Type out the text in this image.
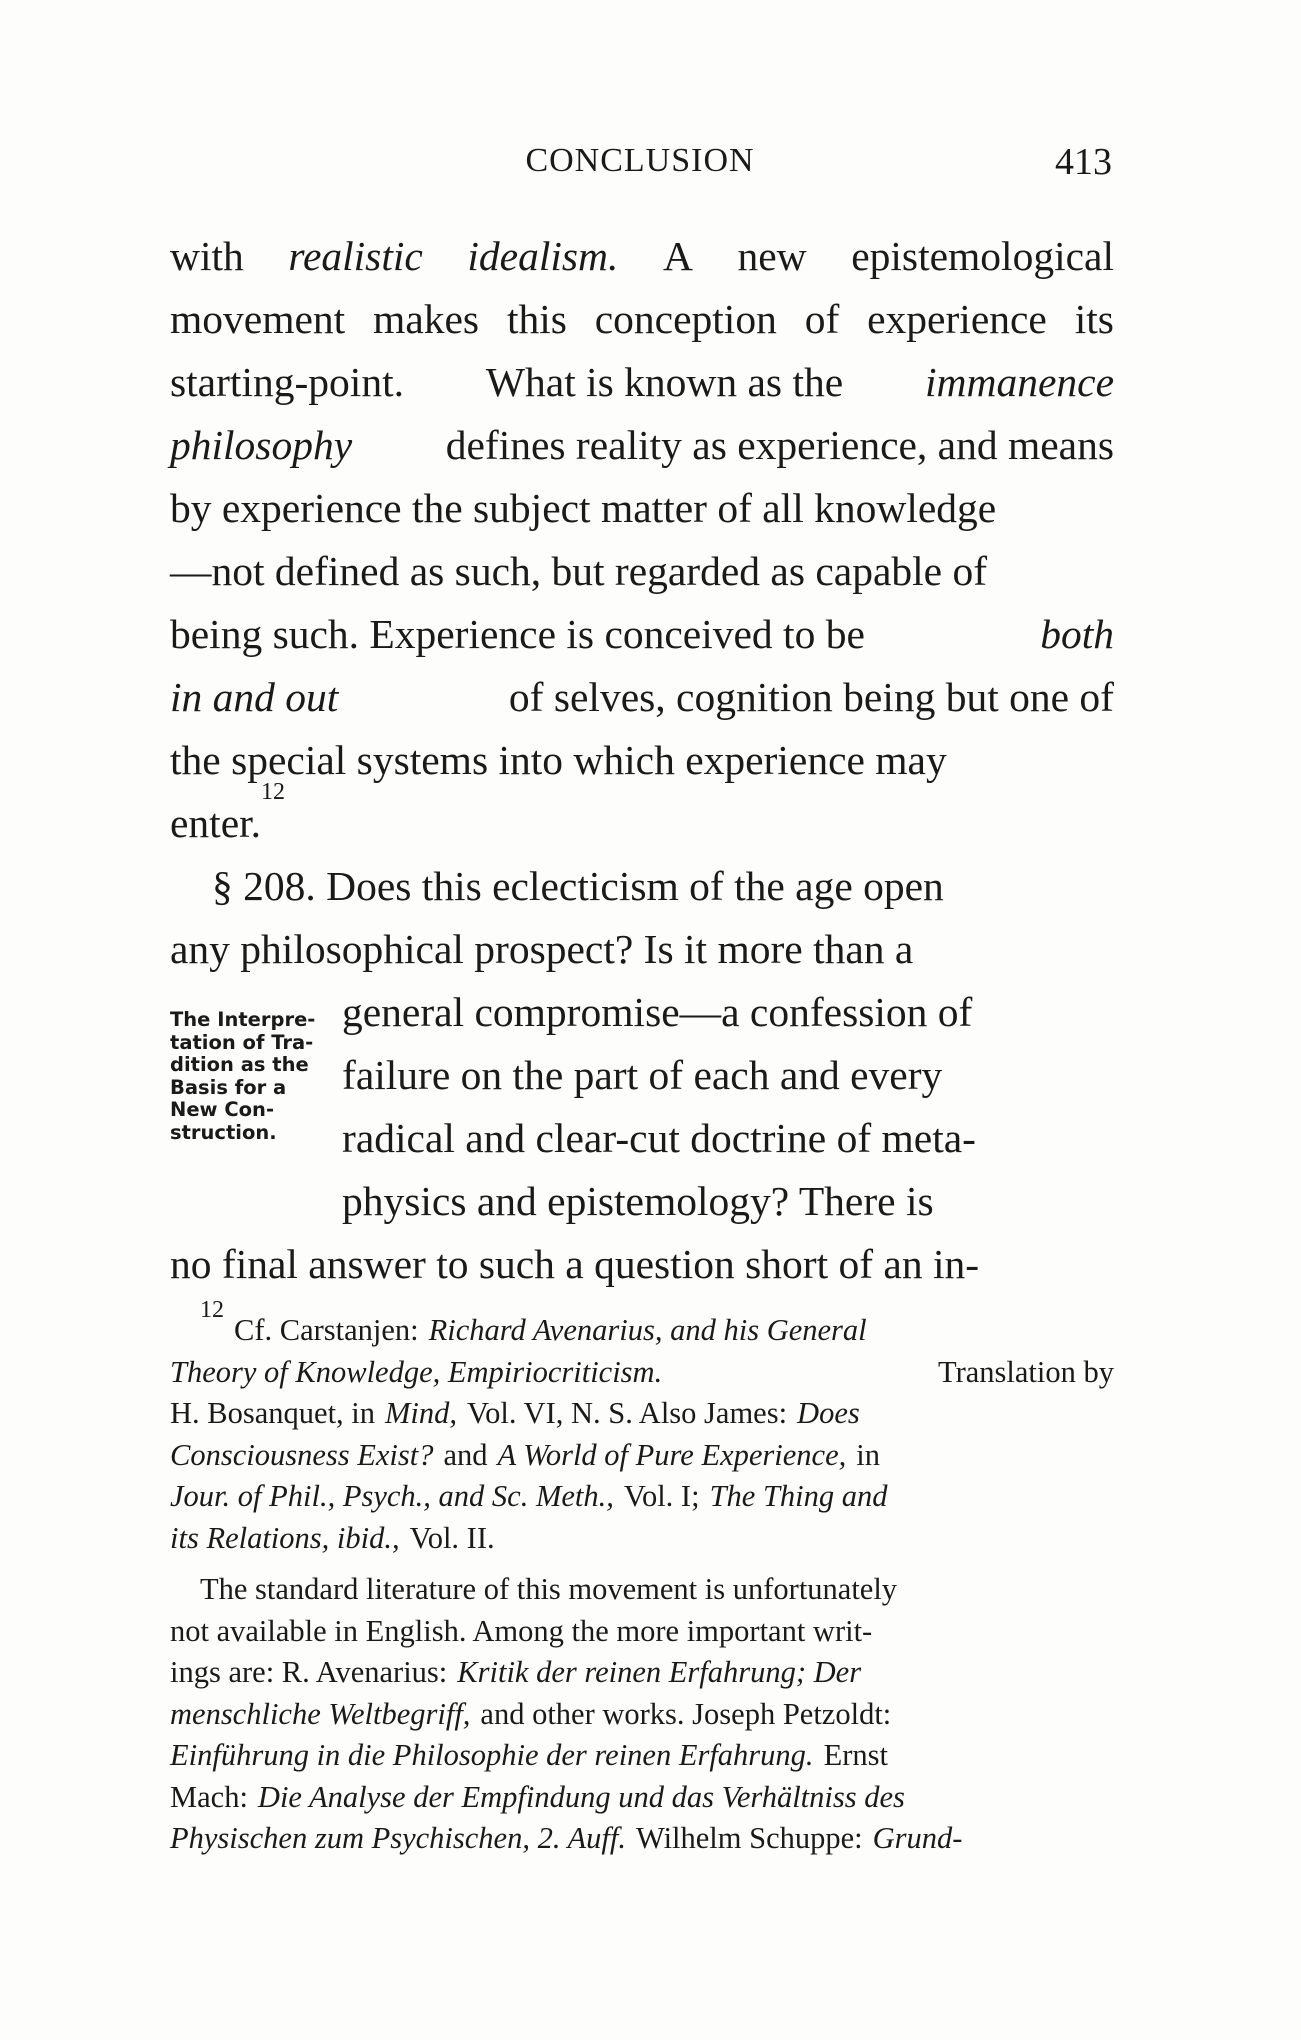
CONCLUSION	413
with realistic idealism. A new epistemological
movement makes this conception of experience its
starting-point. What is known as the immanence
philosophy defines reality as experience, and means
by experience the subject matter of all knowledge
—not defined as such, but regarded as capable of
being such. Experience is conceived to be	both
in and out	of selves, cognition being but one of
the special systems into which experience may
enter.
12
§ 208. Does this eclecticism of the age open
any philosophical prospect? Is it more than a
The Interpre-
tation of Tra-
dition as the
Basis for a
New Con-
struction.
general compromise—a confession of
failure on the part of each and every
radical and clear-cut doctrine of meta-
physics and epistemology? There is
no final answer to such a question short of an in-
12
Cf. Carstanjen: Richard Avenarius, and his General
Theory of Knowledge, Empiriocriticism.	Translation by
H. Bosanquet, in Mind, Vol. VI, N. S. Also James: Does
Consciousness Exist? and A World of Pure Experience, in
Jour. of Phil., Psych., and Sc. Meth., Vol. I; The Thing and
its Relations, ibid., Vol. II.
The standard literature of this movement is unfortunately
not available in English. Among the more important writ-
ings are: R. Avenarius: Kritik der reinen Erfahrung; Der
menschliche Weltbegriff, and other works. Joseph Petzoldt:
Einführung in die Philosophie der reinen Erfahrung. Ernst
Mach: Die Analyse der Empfindung und das Verhältniss des
Physischen zum Psychischen, 2. Auff. Wilhelm Schuppe: Grund-
